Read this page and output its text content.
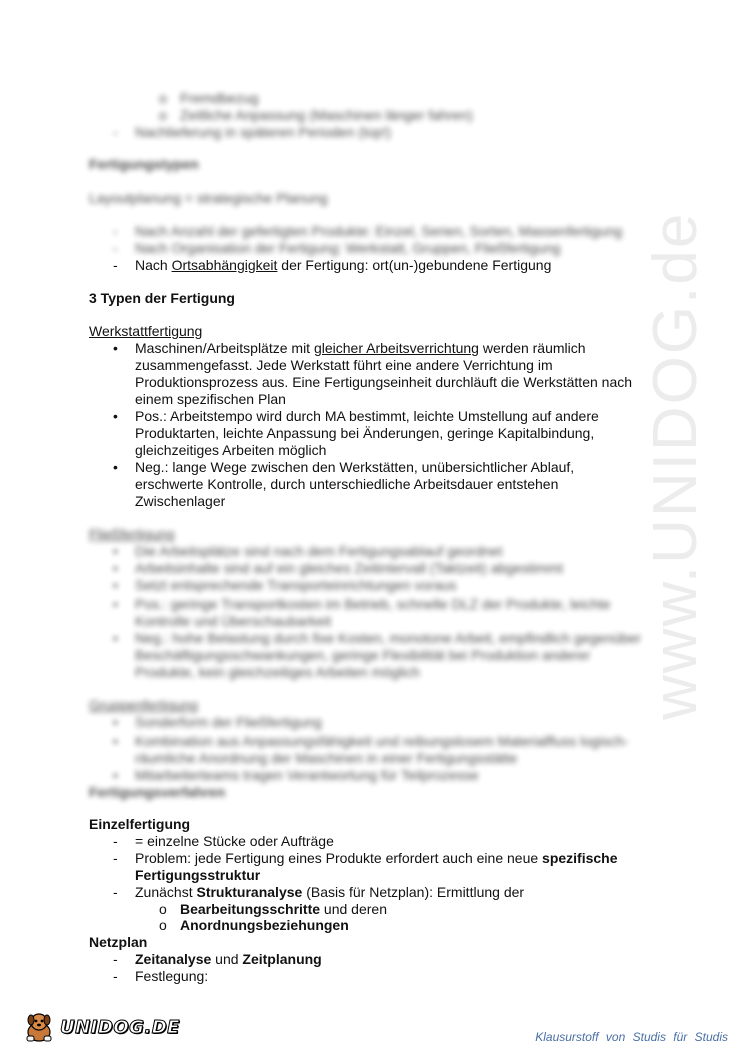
www.UNIDOG.de
o Fremdbezug
o Zeitliche Anpassung (Maschinen länger fahren)
- Nachlieferung in späteren Perioden (top!)
Fertigungstypen
Layoutplanung = strategische Planung
- Nach Anzahl der gefertigten Produkte: Einzel, Serien, Sorten, Massenfertigung
- Nach Organisation der Fertigung: Werkstatt, Gruppen, Fließfertigung
- Nach Ortsabhängigkeit der Fertigung: ort(un-)gebundene Fertigung
3 Typen der Fertigung
Werkstattfertigung
• Maschinen/Arbeitsplätze mit gleicher Arbeitsverrichtung werden räumlich
zusammengefasst. Jede Werkstatt führt eine andere Verrichtung im
Produktionsprozess aus. Eine Fertigungseinheit durchläuft die Werkstätten nach
einem spezifischen Plan
• Pos.: Arbeitstempo wird durch MA bestimmt, leichte Umstellung auf andere
Produktarten, leichte Anpassung bei Änderungen, geringe Kapitalbindung,
gleichzeitiges Arbeiten möglich
• Neg.: lange Wege zwischen den Werkstätten, unübersichtlicher Ablauf,
erschwerte Kontrolle, durch unterschiedliche Arbeitsdauer entstehen
Zwischenlager
Fließfertigung
• Die Arbeitsplätze sind nach dem Fertigungsablauf geordnet
• Arbeitsinhalte sind auf ein gleiches Zeitintervall (Taktzeit) abgestimmt
• Setzt entsprechende Transporteinrichtungen voraus
• Pos.: geringe Transportkosten im Betrieb, schnelle DLZ der Produkte, leichte
Kontrolle und Überschaubarkeit
• Neg.: hohe Belastung durch fixe Kosten, monotone Arbeit, empfindlich gegenüber
Beschäftigungsschwankungen, geringe Flexibilität bei Produktion anderer
Produkte, kein gleichzeitiges Arbeiten möglich
Gruppenfertigung
• Sonderform der Fließfertigung
• Kombination aus Anpassungsfähigkeit und reibungslosem Materialfluss logisch-
räumliche Anordnung der Maschinen in einer Fertigungsstätte
• Mitarbeiterteams tragen Verantwortung für Teilprozesse
Fertigungsverfahren
Einzelfertigung
- = einzelne Stücke oder Aufträge
- Problem: jede Fertigung eines Produkte erfordert auch eine neue spezifische
Fertigungsstruktur
- Zunächst Strukturanalyse (Basis für Netzplan): Ermittlung der
o Bearbeitungsschritte und deren
o Anordnungsbeziehungen
Netzplan
- Zeitanalyse und Zeitplanung
- Festlegung:
UNIDOG.DE	Klausurstoff von Studis für Studis
